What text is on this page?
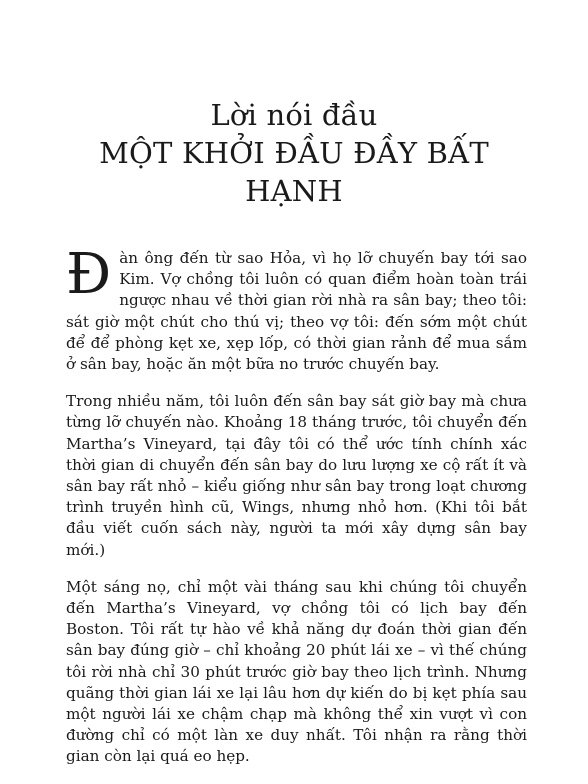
Lời nói đầu
MỘT KHỞI ĐẦU ĐẦY BẤT
HẠNH

Đàn ông đến từ sao Hỏa, vì họ lỡ chuyến bay tới sao Kim. Vợ chồng tôi luôn có quan điểm hoàn toàn trái ngược nhau về thời gian rời nhà ra sân bay; theo tôi: sát giờ một chút cho thú vị; theo vợ tôi: đến sớm một chút để để phòng kẹt xe, xẹp lốp, có thời gian rảnh để mua sắm ở sân bay, hoặc ăn một bữa no trước chuyến bay.

Trong nhiều năm, tôi luôn đến sân bay sát giờ bay mà chưa từng lỡ chuyến nào. Khoảng 18 tháng trước, tôi chuyển đến Martha’s Vineyard, tại đây tôi có thể ước tính chính xác thời gian di chuyển đến sân bay do lưu lượng xe cộ rất ít và sân bay rất nhỏ – kiểu giống như sân bay trong loạt chương trình truyền hình cũ, Wings, nhưng nhỏ hơn. (Khi tôi bắt đầu viết cuốn sách này, người ta mới xây dựng sân bay mới.)

Một sáng nọ, chỉ một vài tháng sau khi chúng tôi chuyển đến Martha’s Vineyard, vợ chồng tôi có lịch bay đến Boston. Tôi rất tự hào về khả năng dự đoán thời gian đến sân bay đúng giờ – chỉ khoảng 20 phút lái xe – vì thế chúng tôi rời nhà chỉ 30 phút trước giờ bay theo lịch trình. Nhưng quãng thời gian lái xe lại lâu hơn dự kiến do bị kẹt phía sau một người lái xe chậm chạp mà không thể xin vượt vì con đường chỉ có một làn xe duy nhất. Tôi nhận ra rằng thời gian còn lại quá eo hẹp.
